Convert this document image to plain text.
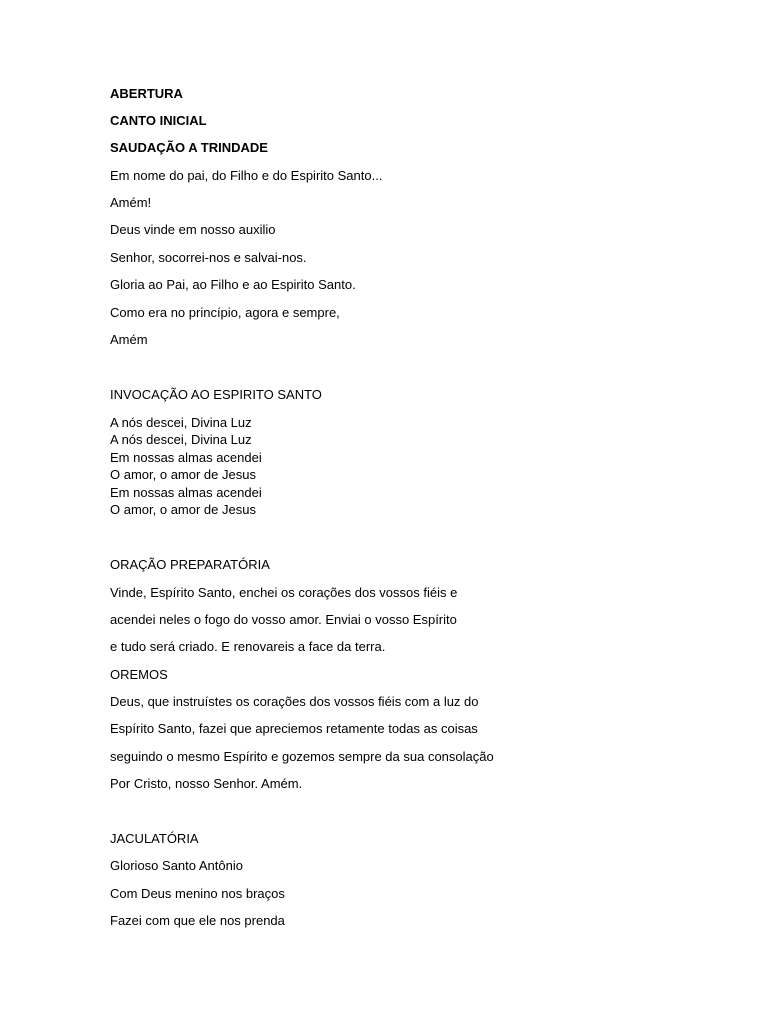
ABERTURA
CANTO INICIAL
SAUDAÇÃO A TRINDADE
Em nome do pai, do Filho e do Espirito Santo...
Amém!
Deus vinde em nosso auxilio
Senhor, socorrei-nos e salvai-nos.
Gloria ao Pai, ao Filho e ao Espirito Santo.
Como era no princípio, agora e sempre,
Amém
INVOCAÇÃO AO ESPIRITO SANTO
A nós descei, Divina Luz
A nós descei, Divina Luz
Em nossas almas acendei
O amor, o amor de Jesus
Em nossas almas acendei
O amor, o amor de Jesus
ORAÇÃO PREPARATÓRIA
Vinde, Espírito Santo, enchei os corações dos vossos fiéis e
acendei neles o fogo do vosso amor. Enviai o vosso Espírito
e tudo será criado. E renovareis a face da terra.
OREMOS
Deus, que instruístes os corações dos vossos fiéis com a luz do
Espírito Santo, fazei que apreciemos retamente todas as coisas
seguindo o mesmo Espírito e gozemos sempre da sua consolação
Por Cristo, nosso Senhor. Amém.
JACULATÓRIA
Glorioso Santo Antônio
Com Deus menino nos braços
Fazei com que ele nos prenda
